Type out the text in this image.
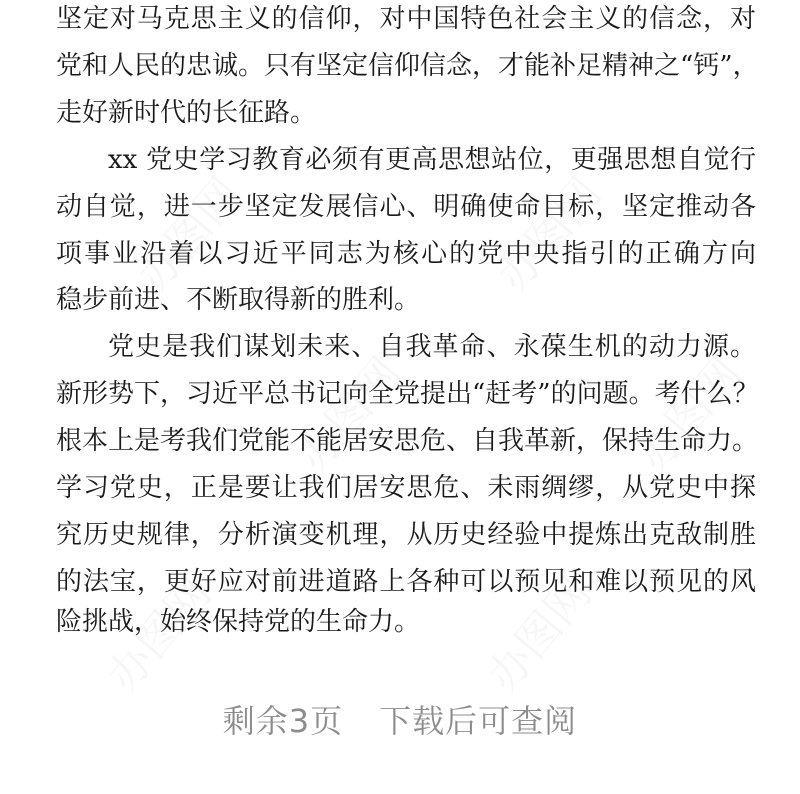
坚定对马克思主义的信仰，对中国特色社会主义的信念，对
党和人民的忠诚。只有坚定信仰信念，才能补足精神之“钙”，
走好新时代的长征路。
xx 党史学习教育必须有更高思想站位，更强思想自觉行
动自觉，进一步坚定发展信心、明确使命目标，坚定推动各
项事业沿着以习近平同志为核心的党中央指引的正确方向
稳步前进、不断取得新的胜利。
党史是我们谋划未来、自我革命、永葆生机的动力源。
新形势下，习近平总书记向全党提出“赶考”的问题。考什么？
根本上是考我们党能不能居安思危、自我革新，保持生命力。
学习党史，正是要让我们居安思危、未雨绸缪，从党史中探
究历史规律，分析演变机理，从历史经验中提炼出克敌制胜
的法宝，更好应对前进道路上各种可以预见和难以预见的风
险挑战，始终保持党的生命力。
剩余3页 下载后可查阅
